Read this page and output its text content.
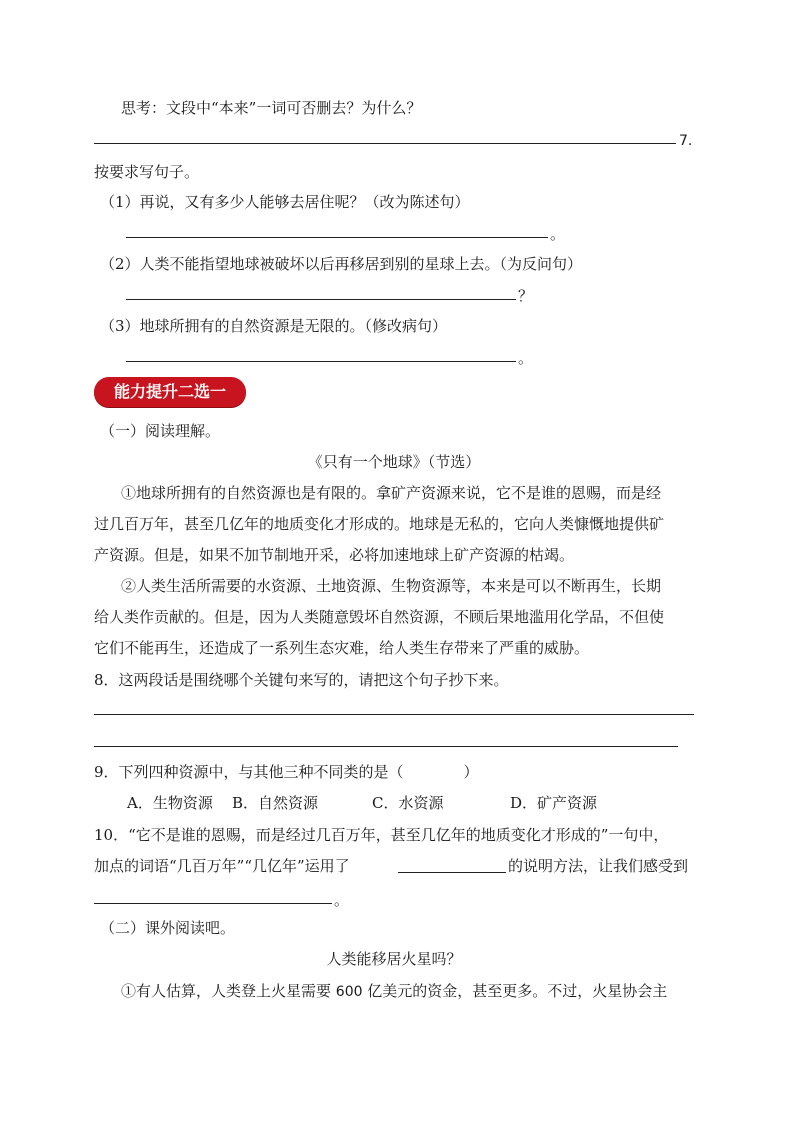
思考：文段中“本来”一词可否删去？为什么？
7.
按要求写句子。
（1）再说，又有多少人能够去居住呢？（改为陈述句）
。
（2）人类不能指望地球被破坏以后再移居到别的星球上去。（为反问句）
？
（3）地球所拥有的自然资源是无限的。（修改病句）
。
能力提升二选一
（一）阅读理解。
《只有一个地球》（节选）
①地球所拥有的自然资源也是有限的。拿矿产资源来说，它不是谁的恩赐，而是经
过几百万年，甚至几亿年的地质变化才形成的。地球是无私的，它向人类慷慨地提供矿
产资源。但是，如果不加节制地开采，必将加速地球上矿产资源的枯竭。
②人类生活所需要的水资源、土地资源、生物资源等，本来是可以不断再生，长期
给人类作贡献的。但是，因为人类随意毁坏自然资源，不顾后果地滥用化学品，不但使
它们不能再生，还造成了一系列生态灾难，给人类生存带来了严重的威胁。
8．这两段话是围绕哪个关键句来写的，请把这个句子抄下来。
9．下列四种资源中，与其他三种不同类的是（　　　　）
A．生物资源 B．自然资源	C．水资源	D．矿产资源
10．“它不是谁的恩赐，而是经过几百万年，甚至几亿年的地质变化才形成的”一句中，
加点的词语“几百万年”“几亿年”运用了	的说明方法，让我们感受到
。
（二）课外阅读吧。
人类能移居火星吗？
①有人估算，人类登上火星需要 600 亿美元的资金，甚至更多。不过，火星协会主
